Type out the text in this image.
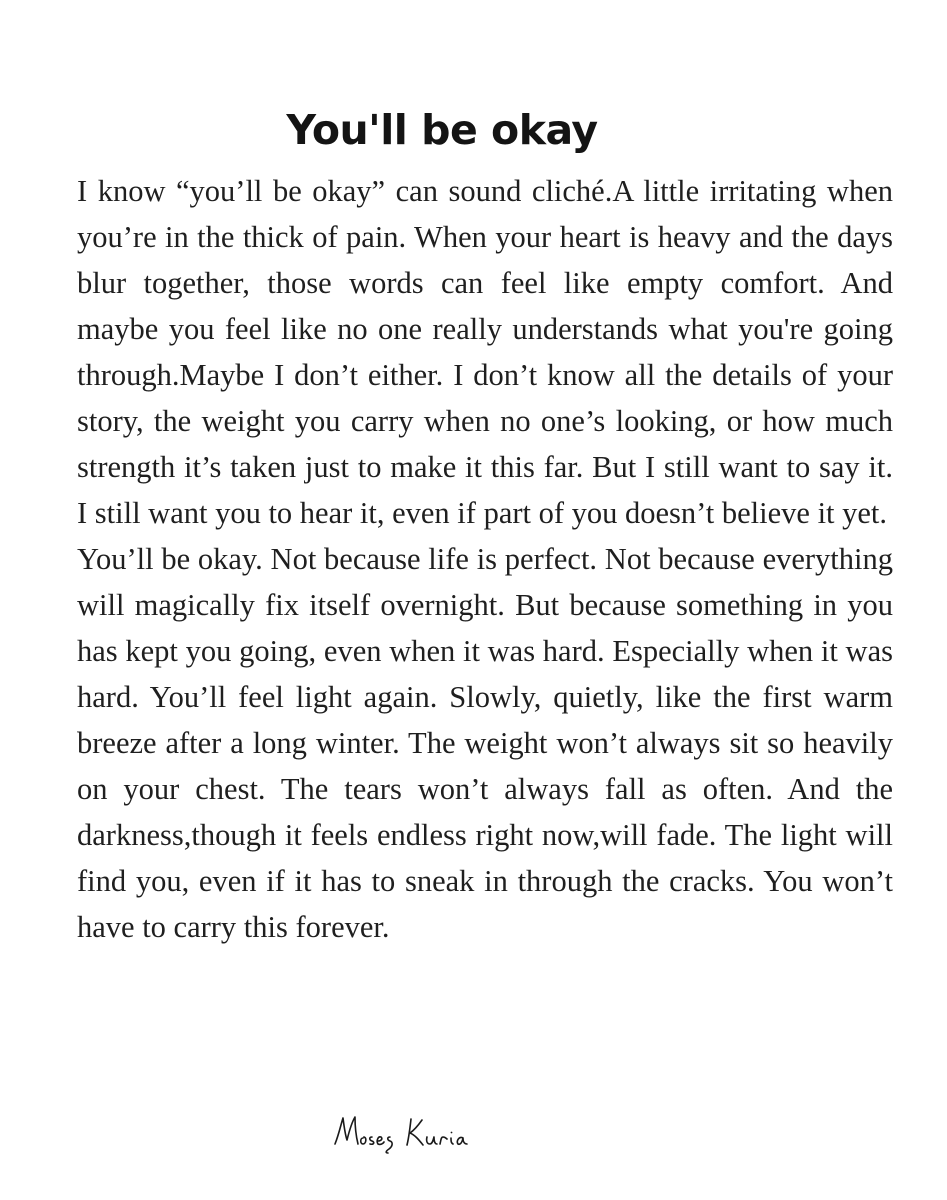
You'll be okay

I know “you’ll be okay” can sound cliché.A little irritating when you’re in the thick of pain. When your heart is heavy and the days blur together, those words can feel like empty comfort. And maybe you feel like no one really understands what you're going through.Maybe I don’t either. I don’t know all the details of your story, the weight you carry when no one’s looking, or how much strength it’s taken just to make it this far. But I still want to say it. I still want you to hear it, even if part of you doesn’t believe it yet.

You’ll be okay. Not because life is perfect. Not because everything will magically fix itself overnight. But because something in you has kept you going, even when it was hard. Especially when it was hard. You’ll feel light again. Slowly, quietly, like the first warm breeze after a long winter. The weight won’t always sit so heavily on your chest. The tears won’t always fall as often. And the darkness,though it feels endless right now,will fade. The light will find you, even if it has to sneak in through the cracks. You won’t have to carry this forever.
